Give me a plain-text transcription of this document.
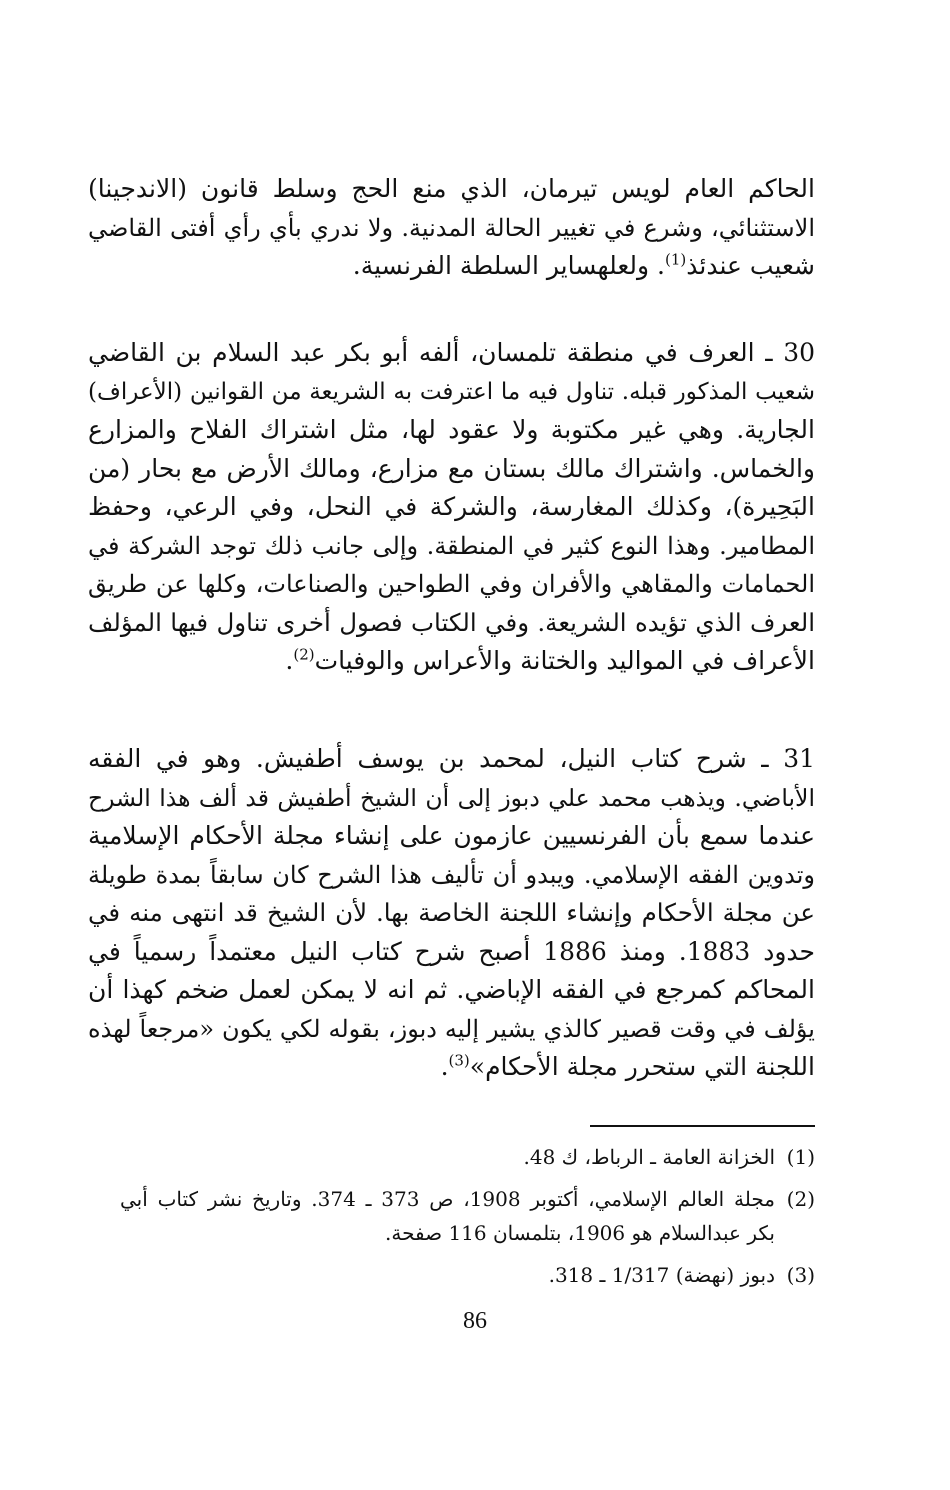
الحاكم العام لويس تيرمان، الذي منع الحج وسلط قانون (الاندجينا)
الاستثنائي، وشرع في تغيير الحالة المدنية. ولا ندري بأي رأي أفتى القاضي
شعيب عندئذ$^{(1)}$. ولعلهساير السلطة الفرنسية.
30 ـ العرف في منطقة تلمسان، ألفه أبو بكر عبد السلام بن القاضي
شعيب المذكور قبله. تناول فيه ما اعترفت به الشريعة من القوانين (الأعراف)
الجارية. وهي غير مكتوبة ولا عقود لها، مثل اشتراك الفلاح والمزارع
والخماس. واشتراك مالك بستان مع مزارع، ومالك الأرض مع بحار (من
البَحِيرة)، وكذلك المغارسة، والشركة في النحل، وفي الرعي، وحفظ
المطامير. وهذا النوع كثير في المنطقة. وإلى جانب ذلك توجد الشركة في
الحمامات والمقاهي والأفران وفي الطواحين والصناعات، وكلها عن طريق
العرف الذي تؤيده الشريعة. وفي الكتاب فصول أخرى تناول فيها المؤلف
الأعراف في المواليد والختانة والأعراس والوفيات$^{(2)}$.
31 ـ شرح كتاب النيل، لمحمد بن يوسف أطفيش. وهو في الفقه
الأباضي. ويذهب محمد علي دبوز إلى أن الشيخ أطفيش قد ألف هذا الشرح
عندما سمع بأن الفرنسيين عازمون على إنشاء مجلة الأحكام الإسلامية
وتدوين الفقه الإسلامي. ويبدو أن تأليف هذا الشرح كان سابقاً بمدة طويلة
عن مجلة الأحكام وإنشاء اللجنة الخاصة بها. لأن الشيخ قد انتهى منه في
حدود 1883. ومنذ 1886 أصبح شرح كتاب النيل معتمداً رسمياً في
المحاكم كمرجع في الفقه الإباضي. ثم انه لا يمكن لعمل ضخم كهذا أن
يؤلف في وقت قصير كالذي يشير إليه دبوز، بقوله لكي يكون «مرجعاً لهذه
اللجنة التي ستحرر مجلة الأحكام»$^{(3)}$.
(1)
الخزانة العامة ـ الرباط، ك 48.
(2)
مجلة العالم الإسلامي، أكتوبر 1908، ص 373 ـ 374. وتاريخ نشر كتاب أبي
بكر عبدالسلام هو 1906، بتلمسان 116 صفحة.
(3)
دبوز (نهضة) 1/317 ـ 318.
86
